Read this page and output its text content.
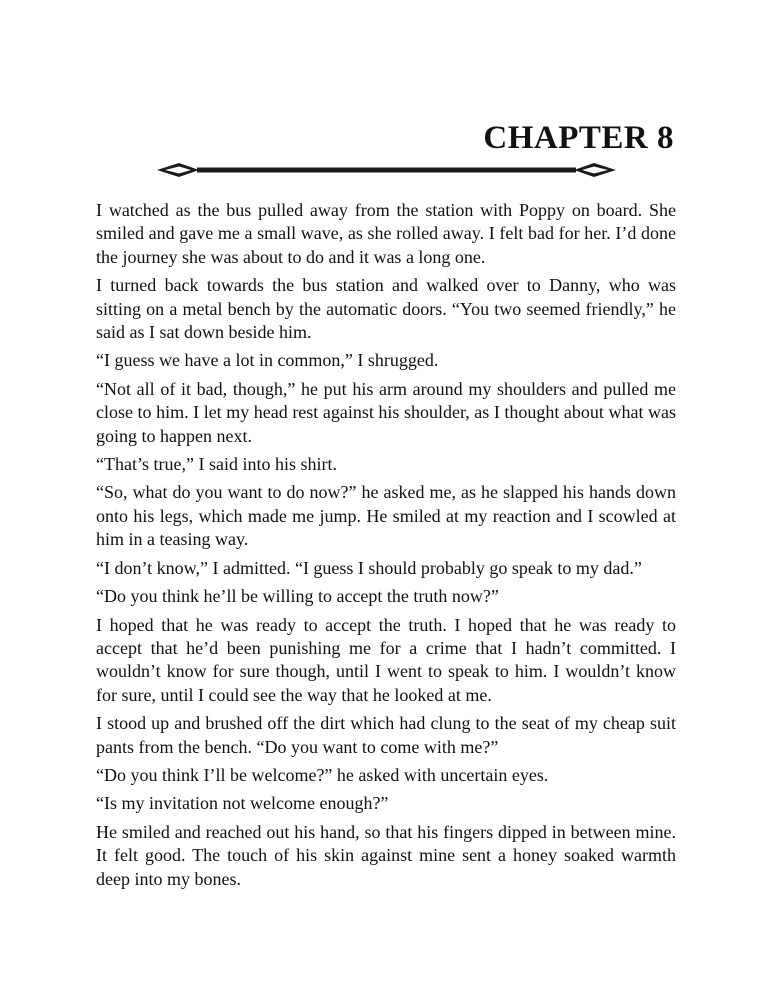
CHAPTER 8

I watched as the bus pulled away from the station with Poppy on board. She smiled and gave me a small wave, as she rolled away. I felt bad for her. I’d done the journey she was about to do and it was a long one.

I turned back towards the bus station and walked over to Danny, who was sitting on a metal bench by the automatic doors. “You two seemed friendly,” he said as I sat down beside him.

“I guess we have a lot in common,” I shrugged.

“Not all of it bad, though,” he put his arm around my shoulders and pulled me close to him. I let my head rest against his shoulder, as I thought about what was going to happen next.

“That’s true,” I said into his shirt.

“So, what do you want to do now?” he asked me, as he slapped his hands down onto his legs, which made me jump. He smiled at my reaction and I scowled at him in a teasing way.

“I don’t know,” I admitted. “I guess I should probably go speak to my dad.”

“Do you think he’ll be willing to accept the truth now?”

I hoped that he was ready to accept the truth. I hoped that he was ready to accept that he’d been punishing me for a crime that I hadn’t committed. I wouldn’t know for sure though, until I went to speak to him. I wouldn’t know for sure, until I could see the way that he looked at me.

I stood up and brushed off the dirt which had clung to the seat of my cheap suit pants from the bench. “Do you want to come with me?”

“Do you think I’ll be welcome?” he asked with uncertain eyes.

“Is my invitation not welcome enough?”

He smiled and reached out his hand, so that his fingers dipped in between mine. It felt good. The touch of his skin against mine sent a honey soaked warmth deep into my bones.
